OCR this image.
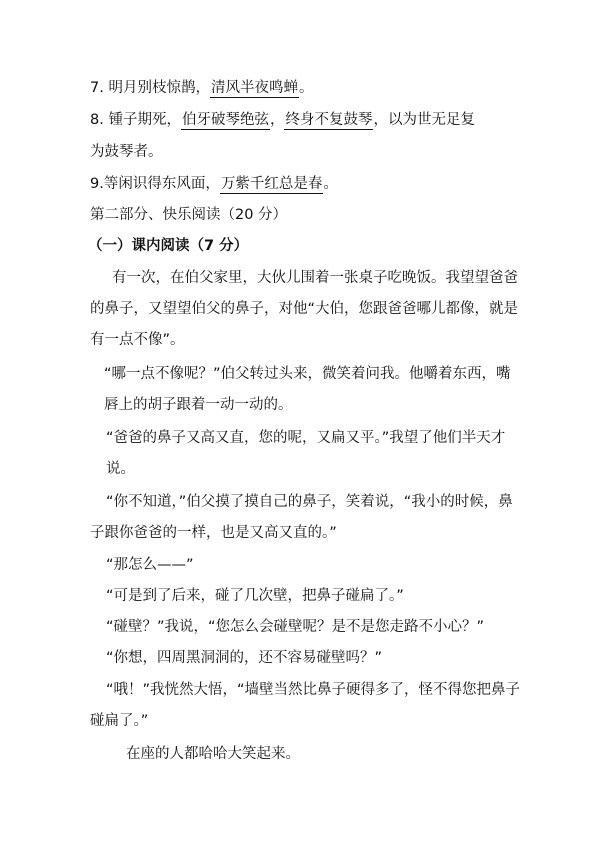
7. 明月别枝惊鹊，清风半夜鸣蝉。
8. 锺子期死，伯牙破琴绝弦，终身不复鼓琴，以为世无足复
为鼓琴者。
9.等闲识得东风面，万紫千红总是春。
第二部分、快乐阅读（20 分）
（一）课内阅读（7 分）
有一次，在伯父家里，大伙儿围着一张桌子吃晚饭。我望望爸爸
的鼻子，又望望伯父的鼻子，对他“大伯，您跟爸爸哪儿都像，就是
有一点不像”。
“哪一点不像呢？”伯父转过头来，微笑着问我。他嚼着东西，嘴
唇上的胡子跟着一动一动的。
“爸爸的鼻子又高又直，您的呢，又扁又平。”我望了他们半天才
说。
“你不知道，”伯父摸了摸自己的鼻子，笑着说，“我小的时候，鼻
子跟你爸爸的一样，也是又高又直的。”
“那怎么——”
“可是到了后来，碰了几次壁，把鼻子碰扁了。”
“碰壁？”我说，“您怎么会碰壁呢？是不是您走路不小心？”
“你想，四周黑洞洞的，还不容易碰壁吗？”
“哦！”我恍然大悟，“墙壁当然比鼻子硬得多了，怪不得您把鼻子
碰扁了。”
在座的人都哈哈大笑起来。
